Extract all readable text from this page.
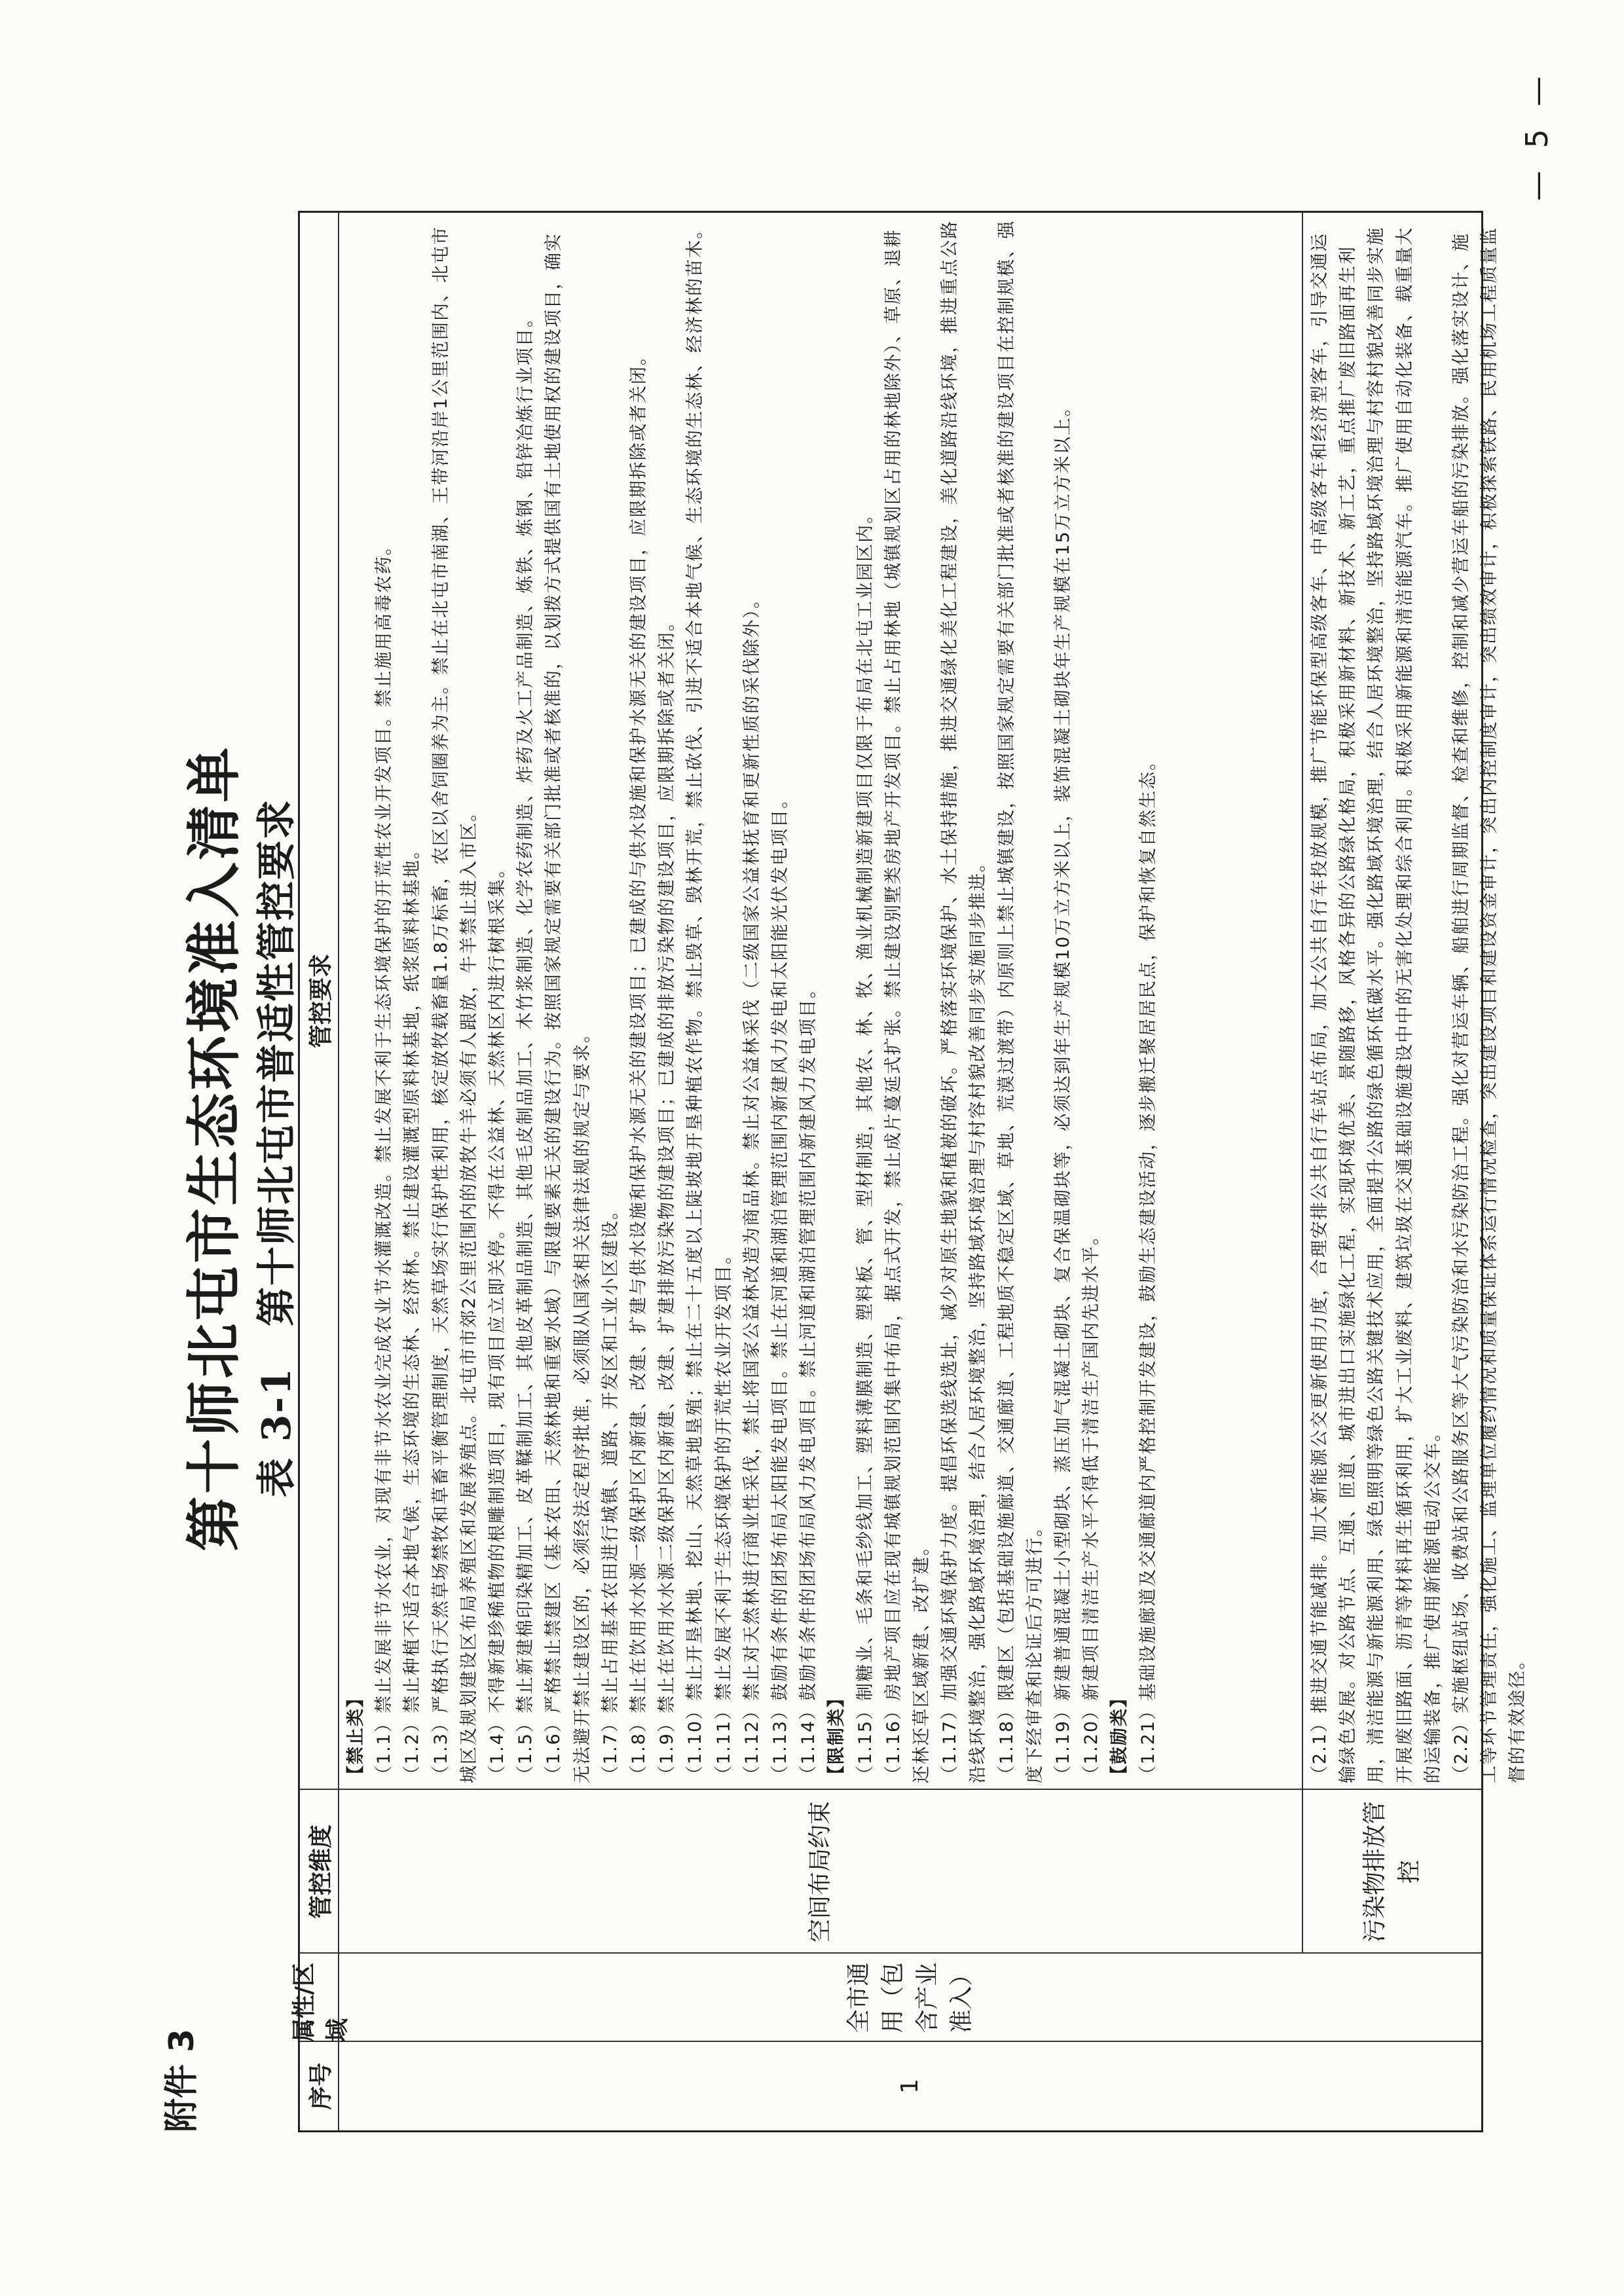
附件 3
第十师北屯市生态环境准入清单 表 3-1　第十师北屯市普适性管控要求
序号
属性/区域
管控维度
管控要求
1
全市通用（包含产业准入）
空间布局约束	污染物排放管控

【禁止类】 （1.1）禁止发展非节水农业，对现有非节水农业完成农业节水灌溉改造。禁止发展不利于生态环境保护的开荒性农业开发项目。禁止施用高毒农药。 （1.2）禁止种植不适合本地气候，生态环境的生态林、经济林。禁止建设灌溉型原料林基地，纸浆原料林基地。 （1.3）严格执行天然草场禁牧和草畜平衡管理制度，天然草场实行保护性利用，核定放牧载畜量1.8万标畜，农区以舍饲圈养为主。禁止在北屯市南湖、王带河沿岸1公里范围内、北屯市城区及规划建设区布局养殖区和发展养殖点。北屯市市郊2公里范围内的放牧牛羊必须有人跟放，牛羊禁止进入市区。 （1.4）不得新建珍稀植物的根雕制造项目，现有项目应立即关停。不得在公益林、天然林区内进行树根采集。 （1.5）禁止新建棉印染精加工、皮革鞣制加工、其他皮革制品制造、其他毛皮制品加工、木竹浆制造、化学农药制造、炸药及火工产品制造、炼铁、炼钢、铅锌冶炼行业项目。 （1.6）严格禁止禁建区（基本农田、天然林地和重要水域）与限建要素无关的建设行为。按照国家规定需要有关部门批准或者核准的，以划拨方式提供国有土地使用权的建设项目，确实无法避开禁止建设区的，必须经法定程序批准，必须服从国家相关法律法规的规定与要求。 （1.7）禁止占用基本农田进行城镇、道路、开发区和工业小区建设。 （1.8）禁止在饮用水水源一级保护区内新建、改建、扩建与供水设施和保护水源无关的建设项目；已建成的与供水设施和保护水源无关的建设项目，应限期拆除或者关闭。 （1.9）禁止在饮用水水源二级保护区内新建、改建、扩建排放污染物的建设项目；已建成的排放污染物的建设项目，应限期拆除或者关闭。 （1.10）禁止开垦林地、挖山、天然草地垦殖；禁止在二十五度以上陡坡地开垦种植农作物。禁止毁草、毁林开荒，禁止砍伐、引进不适合本地气候、生态环境的生态林、经济林的苗木。 （1.11）禁止发展不利于生态环境保护的开荒性农业开发项目。 （1.12）禁止对天然林进行商业性采伐，禁止将国家公益林改造为商品林。禁止对公益林采伐（二级国家公益林抚育和更新性质的采伐除外）。 （1.13）鼓励有条件的团场布局太阳能发电项目。禁止在河道和湖泊管理范围内新建风力发电和太阳能光伏发电项目。 （1.14）鼓励有条件的团场布局风力发电项目。禁止河道和湖泊管理范围内新建风力发电项目。 【限制类】 （1.15）制糖业、毛条和毛纱线加工、塑料薄膜制造、塑料板、管、型材制造，其他农、林、牧、渔业机械制造新建项目仅限于布局在北屯工业园区内。 （1.16）房地产项目应在现有城镇规划范围内集中布局，据点式开发，禁止成片蔓延式扩张。禁止建设别墅类房地产开发项目。禁止占用林地（城镇规划区占用的林地除外）、草原、退耕还林还草区域新建、改扩建。 （1.17）加强交通环境保护力度。提倡环保选线选址，减少对原生地貌和植被的破坏。严格落实环境保护、水土保持措施，推进交通绿化美化工程建设，美化道路沿线环境，推进重点公路沿线环境整治，强化路域环境治理，结合人居环境整治，坚持路域环境治理与村容村貌改善同步实施同步推进。 （1.18）限建区（包括基础设施廊道、交通廊道、工程地质不稳定区域、草地、荒漠过渡带）内原则上禁止城镇建设，按照国家规定需要有关部门批准或者核准的建设项目在控制规模、强度下经审查和论证后方可进行。 （1.19）新建普通混凝土小型砌块、蒸压加气混凝土砌块、复合保温砌块等，必须达到年生产规模10万立方米以上，装饰混凝土砌块年生产规模在15万立方米以上。 （1.20）新建项目清洁生产水平不得低于清洁生产国内先进水平。 【鼓励类】 （1.21）基础设施廊道及交通廊道内严格控制开发建设，鼓励生态建设活动，逐步搬迁聚居居民点，保护和恢复自然生态。	（2.1）推进交通节能减排。加大新能源公交更新使用力度，合理安排公共自行车站点布局，加大公共自行车投放规模，推广节能环保型高级客车、中高级客车和经济型客车，引导交通运输绿色发展。对公路节点、互通、匝道、城市进出口实施绿化工程，实现环境优美、景随路移，风格各异的公路绿化格局，积极采用新材料、新技术、新工艺，重点推广废旧路面再生利用，清洁能源与新能源利用、绿色照明等绿色公路关键技术应用，全面提升公路的绿色循环低碳水平。强化路域环境治理，结合人居环境整治，坚持路域环境治理与村容村貌改善同步实施开展废旧路面、沥青等材料再生循环利用，扩大工业废料、建筑垃圾在交通基础设施建设中中的无害化处理和综合利用。积极采用新能源和清洁能源汽车。推广使用自动化装备、载重量大的运输装备，推广使用新能源电动公交车。 （2.2）实施枢纽站场、收费站和公路服务区等大气污染防治和水污染防治工程。强化对营运车辆、船舶进行周期监督、检查和维修，控制和减少营运车船的污染排放。强化落实设计、施工等环节管理责任，强化施工、监理单位履约情况和质量保证体系运行情况检查，突出建设项目和建设资金审计，突出内控制度审计，突出绩效审计，积极探索铁路、民用机场工程质量监督的有效途径。

— 5 —
